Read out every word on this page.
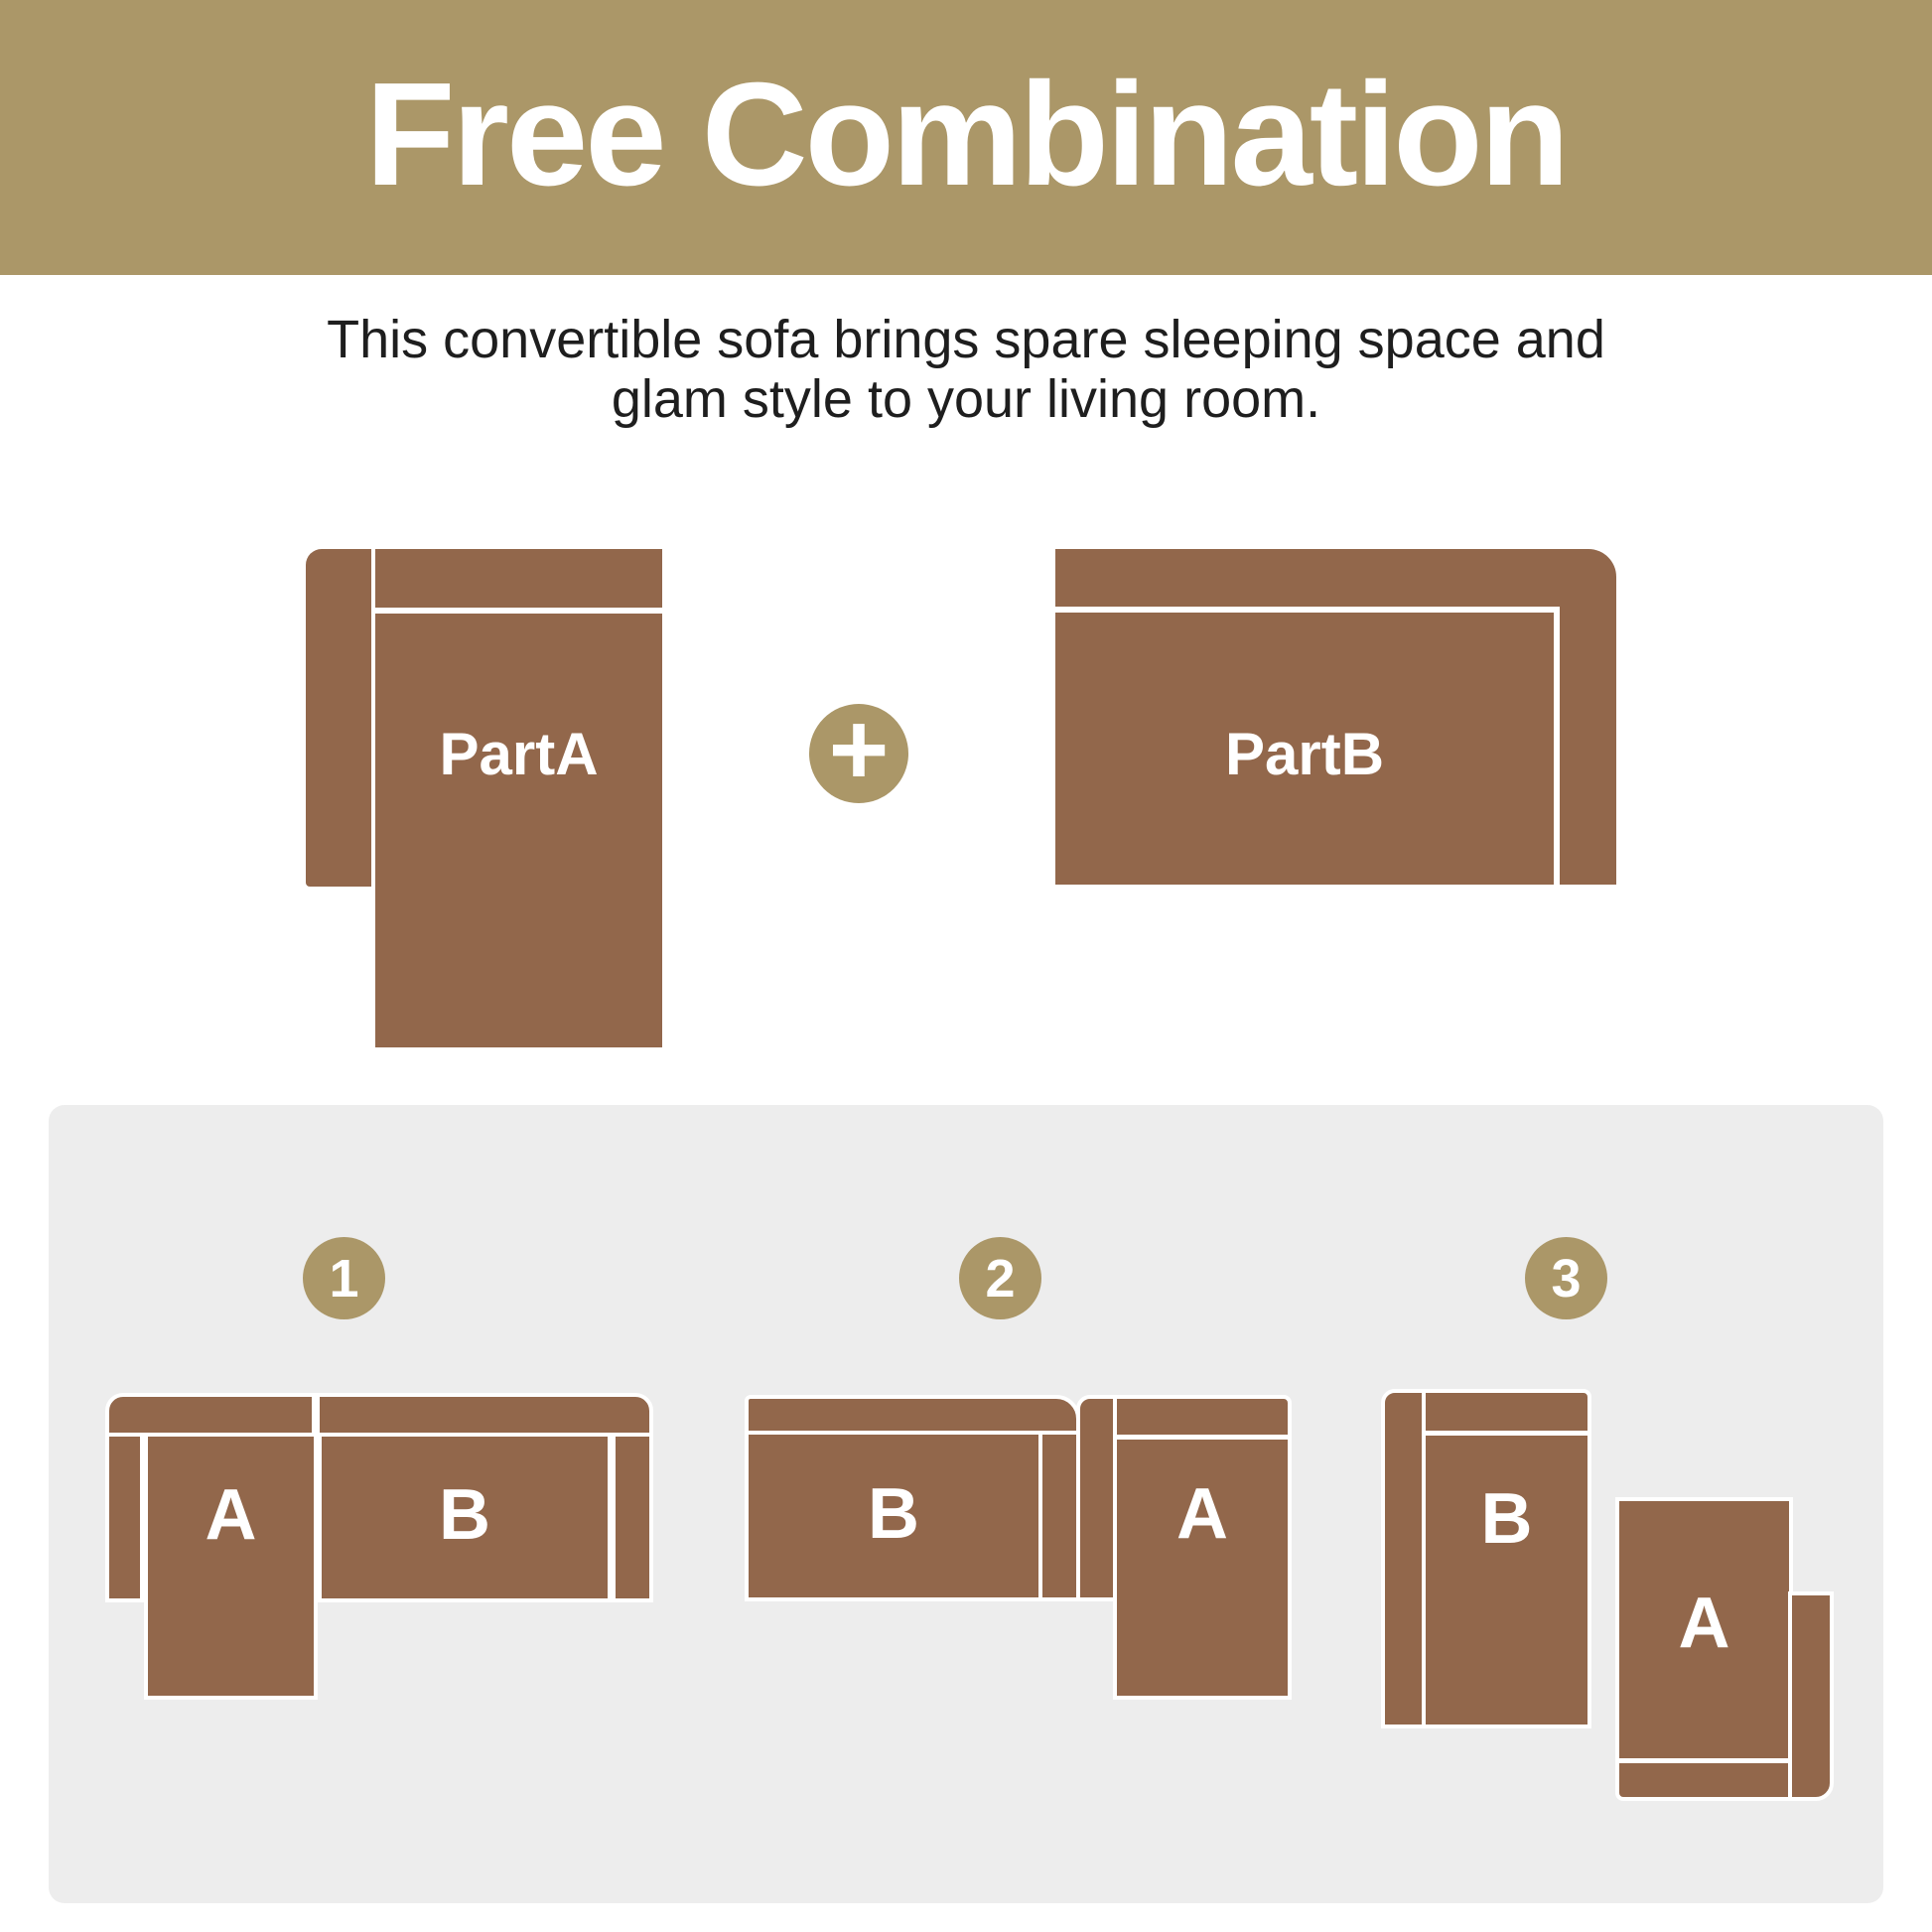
Free Combination

This convertible sofa brings spare sleeping space and
glam style to your living room.

PartA	+	PartB
1	2	3
A	B	B	A	B
A
